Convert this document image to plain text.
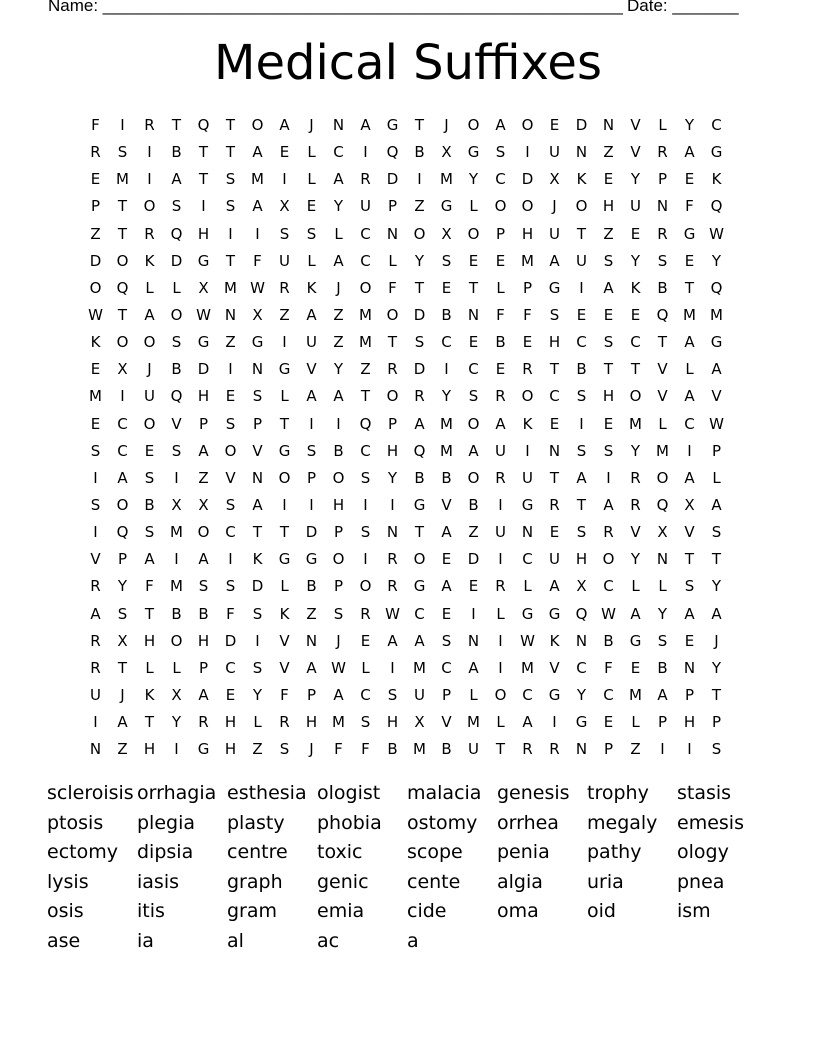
Name: _______________________________________________________ Date: _______
Medical Suffixes
F	I	R	T	Q	T	O	A	J	N	A	G	T	J	O	A	O	E	D	N	V	L	Y	C
R	S	I	B	T	T	A	E	L	C	I	Q	B	X	G	S	I	U	N	Z	V	R	A	G
E	M	I	A	T	S	M	I	L	A	R	D	I	M	Y	C	D	X	K	E	Y	P	E	K
P	T	O	S	I	S	A	X	E	Y	U	P	Z	G	L	O	O	J	O	H	U	N	F	Q
Z	T	R	Q	H	I	I	S	S	L	C	N	O	X	O	P	H	U	T	Z	E	R	G W
D	O	K	D	G	T	F	U	L	A	C	L	Y	S	E	E	M	A	U	S	Y	S	E	Y
O	Q	L	L	X	M W R	K	J	O	F	T	E	T	L	P	G	I	A	K	B	T	Q
W T	A	O W N	X	Z	A	Z	M O	D	B	N	F	F	S	E	E	E	Q M M
K	O	O	S	G	Z	G	I	U	Z	M	T	S	C	E	B	E	H	C	S	C	T	A	G
E	X	J	B	D	I	N	G	V	Y	Z	R	D	I	C	E	R	T	B	T	T	V	L	A
M	I	U	Q	H	E	S	L	A	A	T	O	R	Y	S	R	O	C	S	H	O	V	A	V
E	C	O	V	P	S	P	T	I	I	Q	P	A	M O	A	K	E	I	E	M	L	C W
S	C	E	S	A	O	V	G	S	B	C	H	Q M	A	U	I	N	S	S	Y	M	I	P
I	A	S	I	Z	V	N	O	P	O	S	Y	B	B	O	R	U	T	A	I	R	O	A	L
S	O	B	X	X	S	A	I	I	H	I	I	G	V	B	I	G	R	T	A	R	Q	X	A
I	Q	S	M O	C	T	T	D	P	S	N	T	A	Z	U	N	E	S	R	V	X	V	S
V	P	A	I	A	I	K	G	G	O	I	R	O	E	D	I	C	U	H	O	Y	N	T	T
R	Y	F	M	S	S	D	L	B	P	O	R	G	A	E	R	L	A	X	C	L	L	S	Y
A	S	T	B	B	F	S	K	Z	S	R W C	E	I	L	G	G	Q W A	Y	A	A
R	X	H	O	H	D	I	V	N	J	E	A	A	S	N	I	W K	N	B	G	S	E	J
R	T	L	L	P	C	S	V	A W	L	I	M	C	A	I	M	V	C	F	E	B	N	Y
U	J	K	X	A	E	Y	F	P	A	C	S	U	P	L	O	C	G	Y	C	M	A	P	T
I	A	T	Y	R	H	L	R	H M	S	H	X	V	M	L	A	I	G	E	L	P	H	P
N	Z	H	I	G	H	Z	S	J	F	F	B	M	B	U	T	R	R	N	P	Z	I	I	S
scleroisis orrhagia esthesia ologist	malacia genesis trophy	stasis
ptosis	plegia	plasty	phobia	ostomy	orrhea	megaly	emesis
ectomy	dipsia	centre	toxic	scope	penia	pathy	ology
lysis	iasis	graph	genic	cente	algia	uria	pnea
osis	itis	gram	emia	cide	oma	oid	ism
ase	ia	al	ac	a
